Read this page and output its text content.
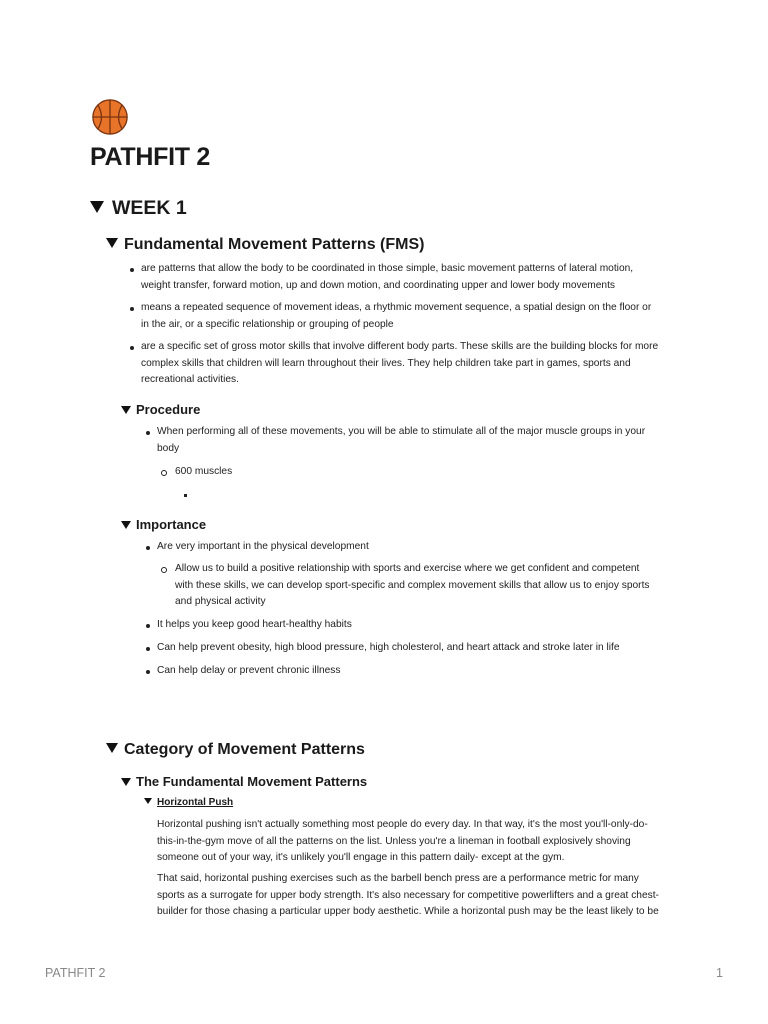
PATHFIT 2
WEEK 1
Fundamental Movement Patterns (FMS)
are patterns that allow the body to be coordinated in those simple, basic movement patterns of lateral motion,
weight transfer, forward motion, up and down motion, and coordinating upper and lower body movements
means a repeated sequence of movement ideas, a rhythmic movement sequence, a spatial design on the floor or
in the air, or a specific relationship or grouping of people
are a specific set of gross motor skills that involve different body parts. These skills are the building blocks for more
complex skills that children will learn throughout their lives. They help children take part in games, sports and
recreational activities.
Procedure
When performing all of these movements, you will be able to stimulate all of the major muscle groups in your
body
600 muscles
Importance
Are very important in the physical development
Allow us to build a positive relationship with sports and exercise where we get confident and competent
with these skills, we can develop sport-specific and complex movement skills that allow us to enjoy sports
and physical activity
It helps you keep good heart-healthy habits
Can help prevent obesity, high blood pressure, high cholesterol, and heart attack and stroke later in life
Can help delay or prevent chronic illness
Category of Movement Patterns
The Fundamental Movement Patterns
Horizontal Push
Horizontal pushing isn't actually something most people do every day. In that way, it's the most you'll-only-do-
this-in-the-gym move of all the patterns on the list. Unless you're a lineman in football explosively shoving
someone out of your way, it's unlikely you'll engage in this pattern daily- except at the gym.
That said, horizontal pushing exercises such as the barbell bench press are a performance metric for many
sports as a surrogate for upper body strength. It's also necessary for competitive powerlifters and a great chest-
builder for those chasing a particular upper body aesthetic. While a horizontal push may be the least likely to be
PATHFIT 2	1
